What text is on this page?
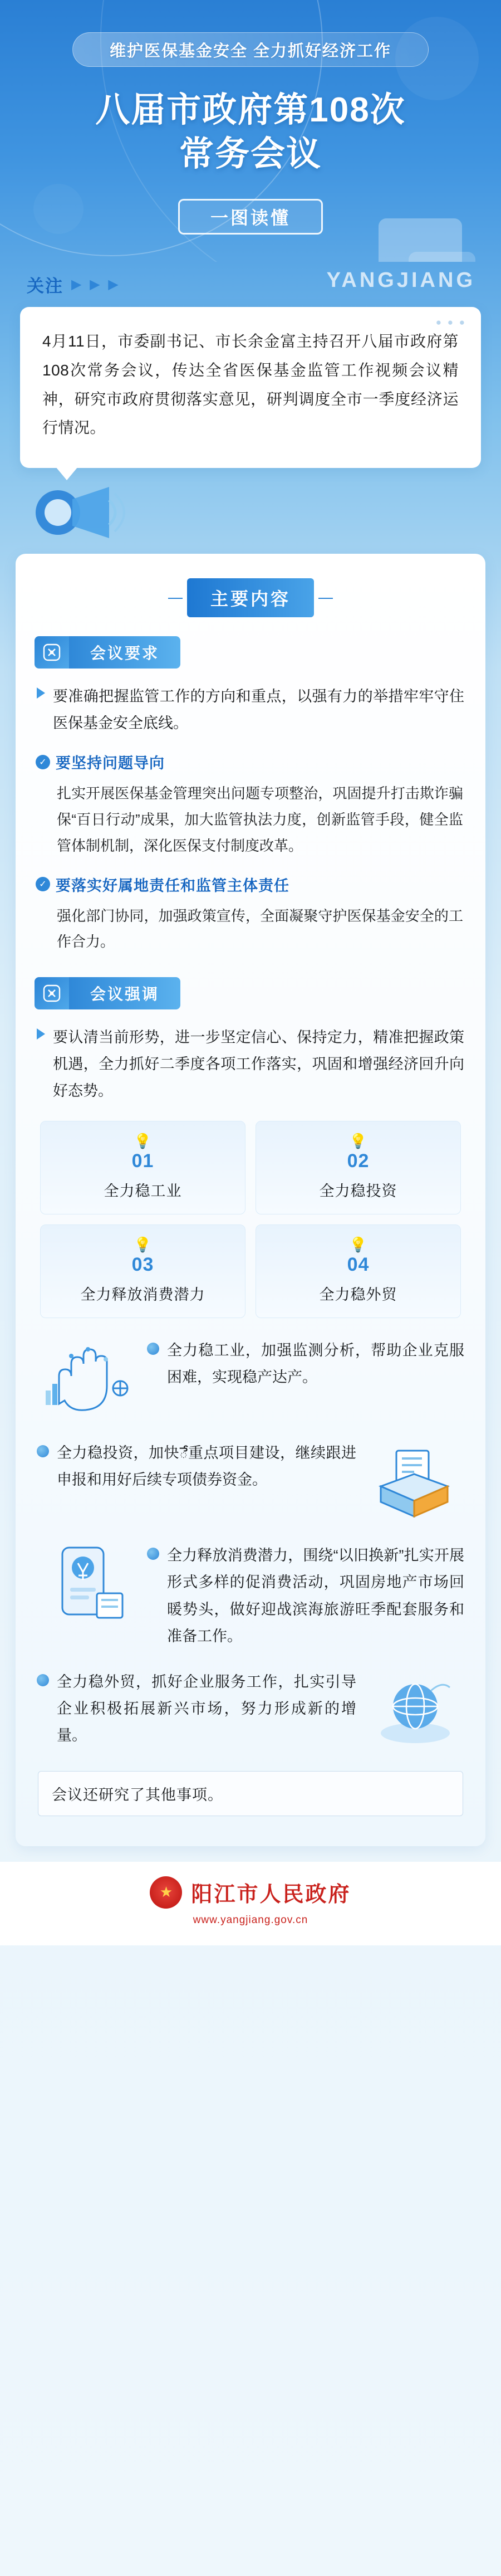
维护医保基金安全 全力抓好经济工作
八届市政府第108次
常务会议
一图读懂
关注 ▶ ▶ ▶	YANGJIANG
● ● ●
4月11日，市委副书记、市长余金富主持召开八届市政府第108次常务会议，传达全省医保基金监管工作视频会议精神，研究市政府贯彻落实意见，研判调度全市一季度经济运行情况。
主要内容
会议要求
要准确把握监管工作的方向和重点，以强有力的举措牢牢守住医保基金安全底线。
✓ 要坚持问题导向
扎实开展医保基金管理突出问题专项整治，巩固提升打击欺诈骗保“百日行动”成果，加大监管执法力度，创新监管手段，健全监管体制机制，深化医保支付制度改革。
✓ 要落实好属地责任和监管主体责任
强化部门协同，加强政策宣传，全面凝聚守护医保基金安全的工作合力。
会议强调
要认清当前形势，进一步坚定信心、保持定力，精准把握政策机遇，全力抓好二季度各项工作落实，巩固和增强经济回升向好态势。
💡
01
全力稳工业
💡
02
全力稳投资
💡
03
全力释放消费潜力
💡
04
全力稳外贸
全力稳工业，加强监测分析，帮助企业克服困难，实现稳产达产。
全力稳投资，加快ే重点项目建设，继续跟进申报和用好后续专项债券资金。
全力释放消费潜力，围绕“以旧换新”扎实开展形式多样的促消费活动，巩固房地产市场回暖势头，做好迎战滨海旅游旺季配套服务和准备工作。
全力稳外贸，抓好企业服务工作，扎实引导企业积极拓展新兴市场，努力形成新的增量。
会议还研究了其他事项。
★ 阳江市人民政府
www.yangjiang.gov.cn
